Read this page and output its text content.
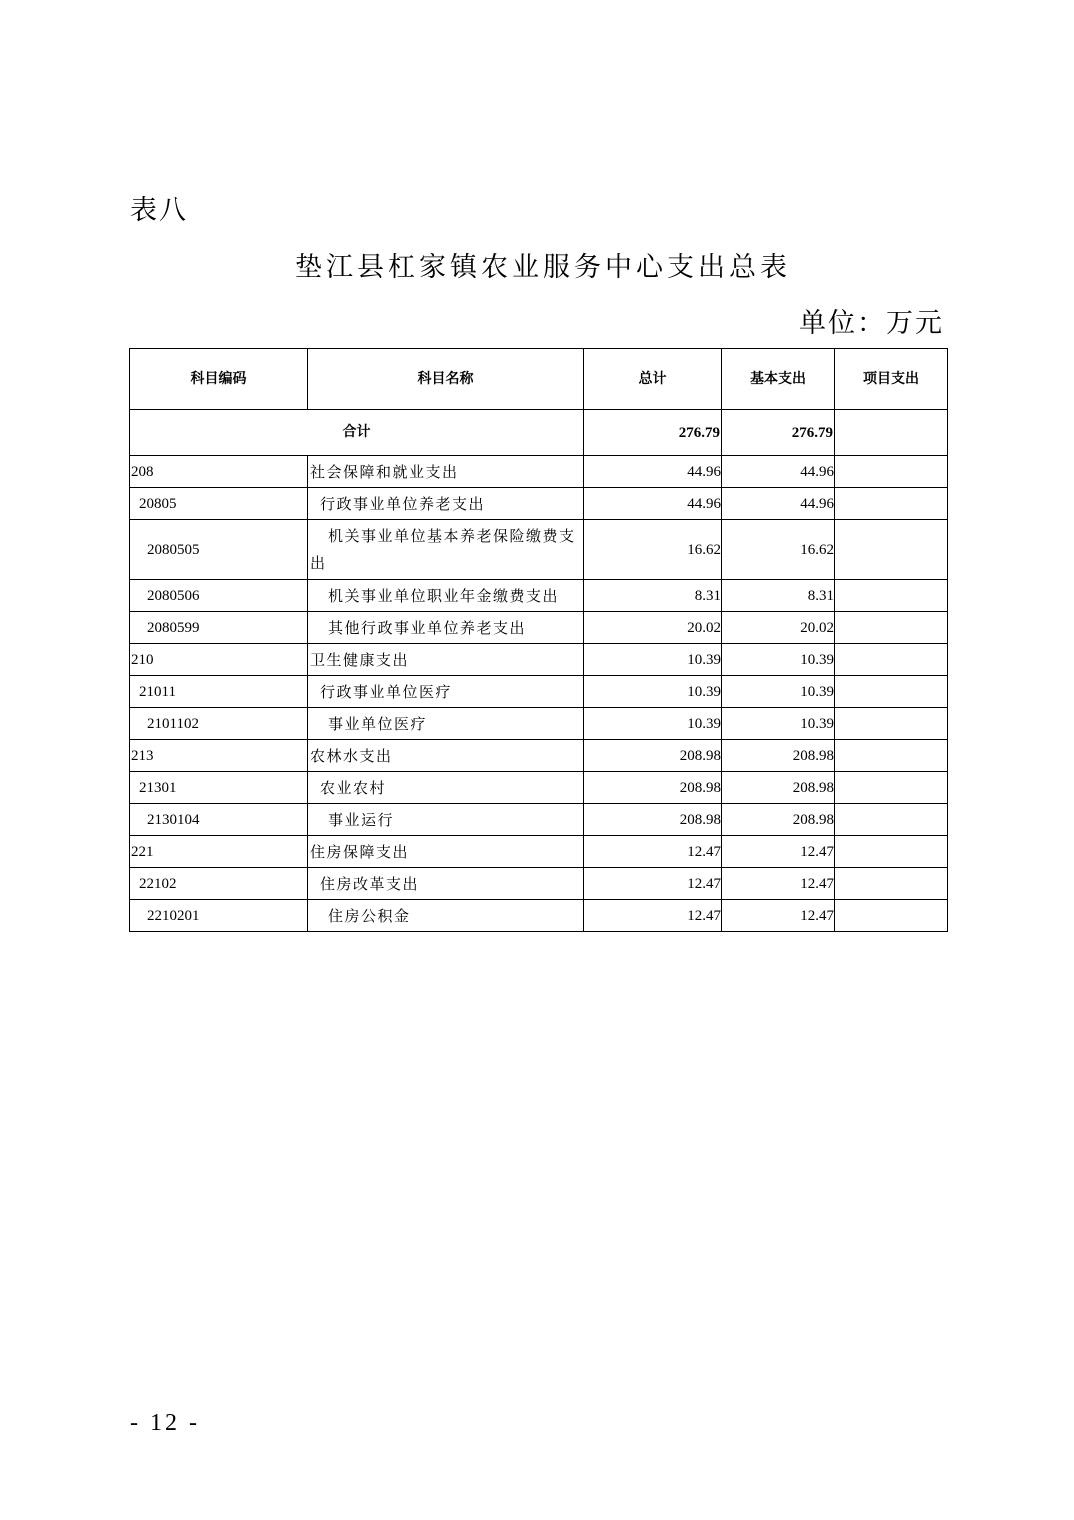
表八
垫江县杠家镇农业服务中心支出总表
单位：万元
科目编码	科目名称	总计	基本支出	项目支出
合计		276.79	276.79	
208	社会保障和就业支出	44.96	44.96	
20805	行政事业单位养老支出	44.96	44.96	
2080505	机关事业单位基本养老保险缴费支出	16.62	16.62	
2080506	机关事业单位职业年金缴费支出	8.31	8.31	
2080599	其他行政事业单位养老支出	20.02	20.02	
210	卫生健康支出	10.39	10.39	
21011	行政事业单位医疗	10.39	10.39	
2101102	事业单位医疗	10.39	10.39	
213	农林水支出	208.98	208.98	
21301	农业农村	208.98	208.98	
2130104	事业运行	208.98	208.98	
221	住房保障支出	12.47	12.47	
22102	住房改革支出	12.47	12.47	
2210201	住房公积金	12.47	12.47	
- 12 -
